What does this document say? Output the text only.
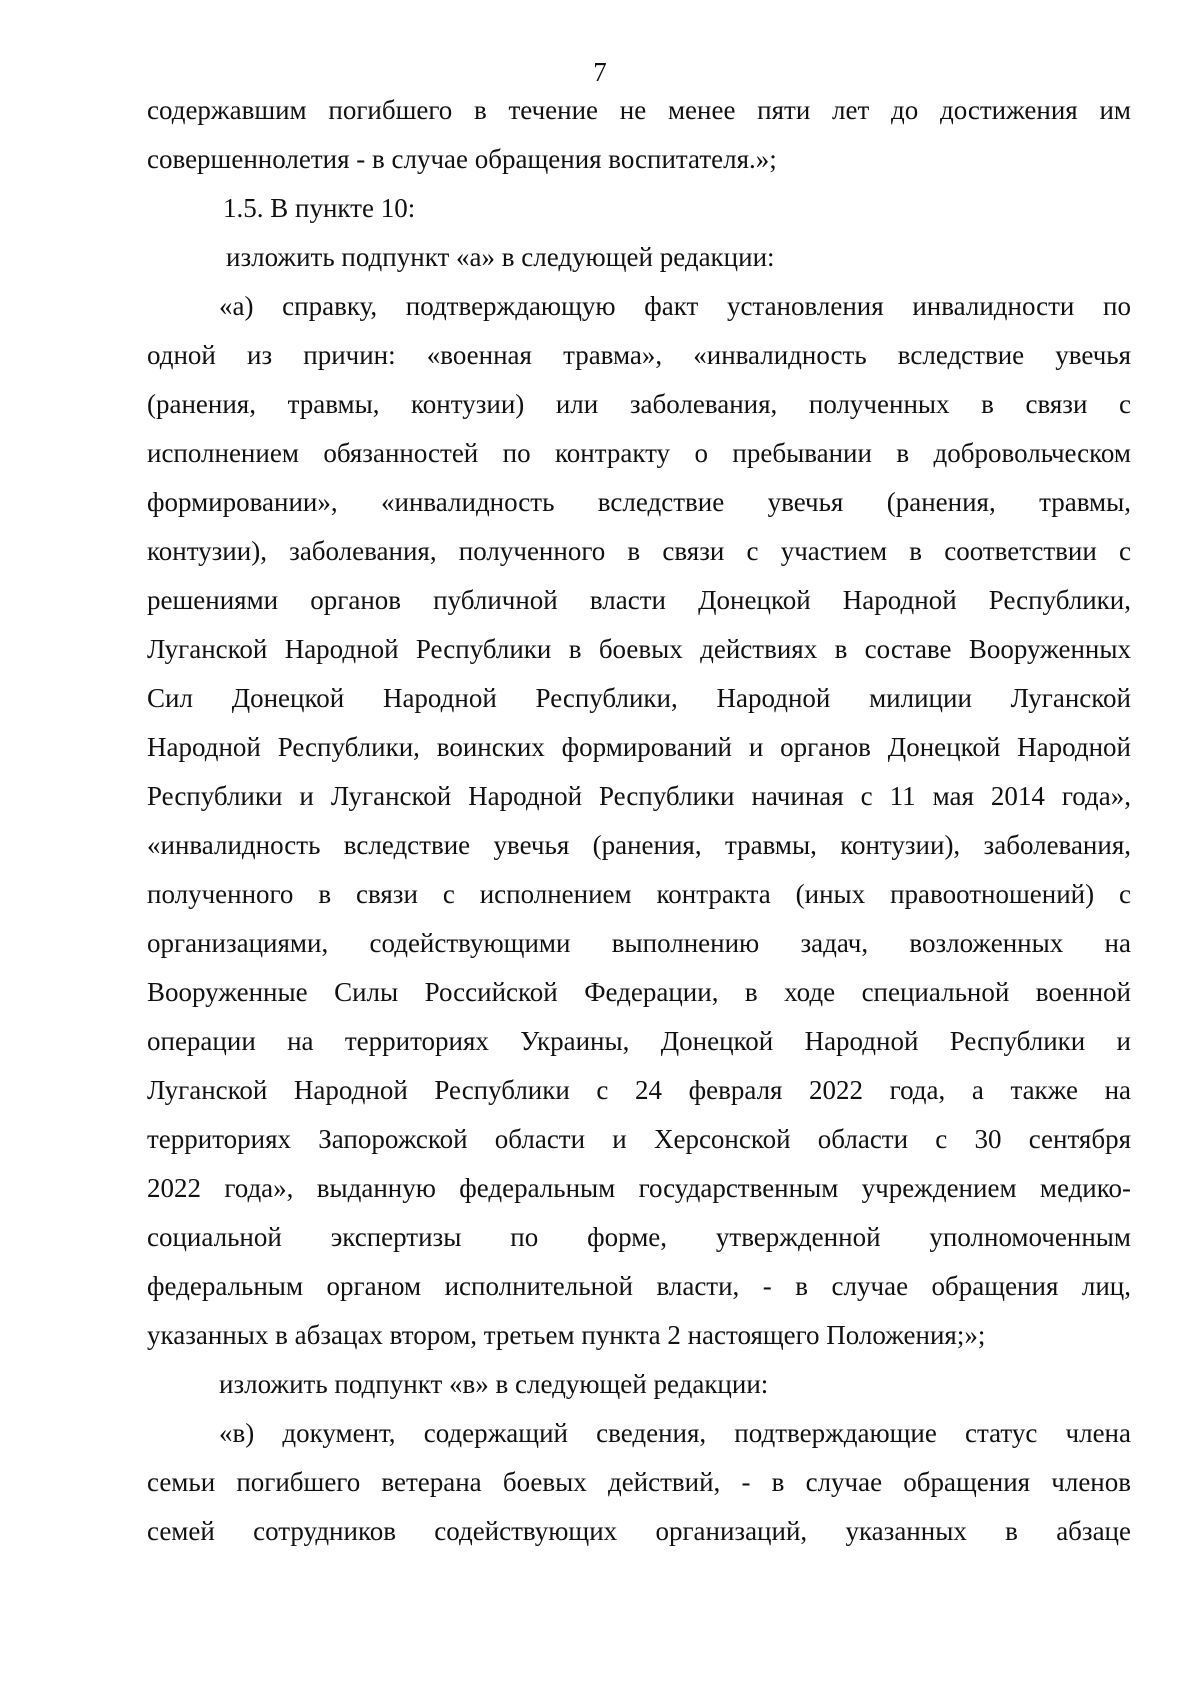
7
содержавшим погибшего в течение не менее пяти лет до достижения им
совершеннолетия - в случае обращения воспитателя.»;
1.5. В пункте 10:
изложить подпункт «а» в следующей редакции:
«а) справку, подтверждающую факт установления инвалидности по
одной из причин: «военная травма», «инвалидность вследствие увечья
(ранения, травмы, контузии) или заболевания, полученных в связи с
исполнением обязанностей по контракту о пребывании в добровольческом
формировании», «инвалидность вследствие увечья (ранения, травмы,
контузии), заболевания, полученного в связи с участием в соответствии с
решениями органов публичной власти Донецкой Народной Республики,
Луганской Народной Республики в боевых действиях в составе Вооруженных
Сил Донецкой Народной Республики, Народной милиции Луганской
Народной Республики, воинских формирований и органов Донецкой Народной
Республики и Луганской Народной Республики начиная с 11 мая 2014 года»,
«инвалидность вследствие увечья (ранения, травмы, контузии), заболевания,
полученного в связи с исполнением контракта (иных правоотношений) с
организациями, содействующими выполнению задач, возложенных на
Вооруженные Силы Российской Федерации, в ходе специальной военной
операции на территориях Украины, Донецкой Народной Республики и
Луганской Народной Республики с 24 февраля 2022 года, а также на
территориях Запорожской области и Херсонской области с 30 сентября
2022 года», выданную федеральным государственным учреждением медико-
социальной экспертизы по форме, утвержденной уполномоченным
федеральным органом исполнительной власти, - в случае обращения лиц,
указанных в абзацах втором, третьем пункта 2 настоящего Положения;»;
изложить подпункт «в» в следующей редакции:
«в) документ, содержащий сведения, подтверждающие статус члена
семьи погибшего ветерана боевых действий, - в случае обращения членов
семей сотрудников содействующих организаций, указанных в абзаце
